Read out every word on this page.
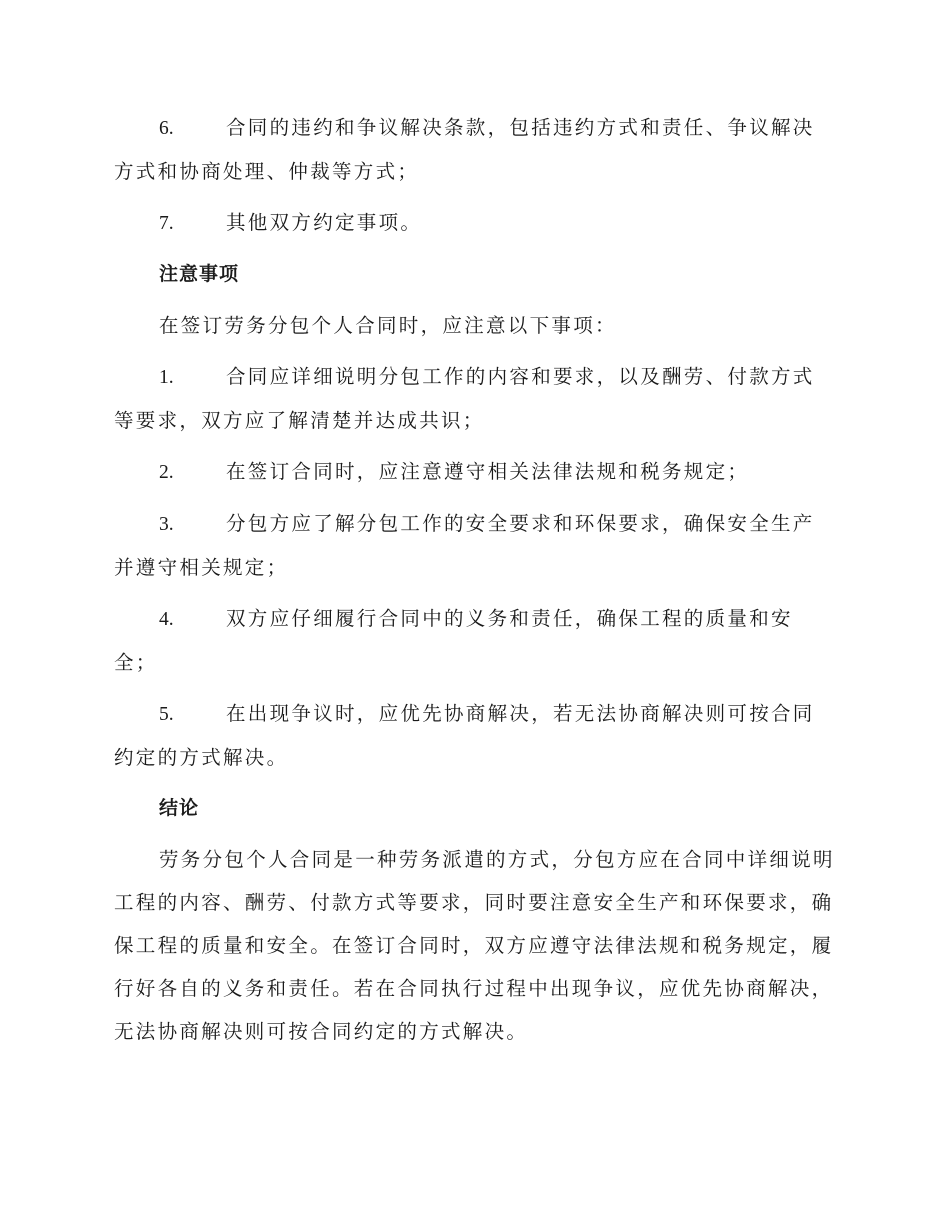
6.	合同的违约和争议解决条款，包括违约方式和责任、争议解决方式和协商处理、仲裁等方式；

7.	其他双方约定事项。

注意事项

在签订劳务分包个人合同时，应注意以下事项：

1.	合同应详细说明分包工作的内容和要求，以及酬劳、付款方式等要求，双方应了解清楚并达成共识；

2.	在签订合同时，应注意遵守相关法律法规和税务规定；

3.	分包方应了解分包工作的安全要求和环保要求，确保安全生产并遵守相关规定；

4.	双方应仔细履行合同中的义务和责任，确保工程的质量和安全；

5.	在出现争议时，应优先协商解决，若无法协商解决则可按合同约定的方式解决。

结论

劳务分包个人合同是一种劳务派遣的方式，分包方应在合同中详细说明工程的内容、酬劳、付款方式等要求，同时要注意安全生产和环保要求，确保工程的质量和安全。在签订合同时，双方应遵守法律法规和税务规定，履行好各自的义务和责任。若在合同执行过程中出现争议，应优先协商解决，无法协商解决则可按合同约定的方式解决。
